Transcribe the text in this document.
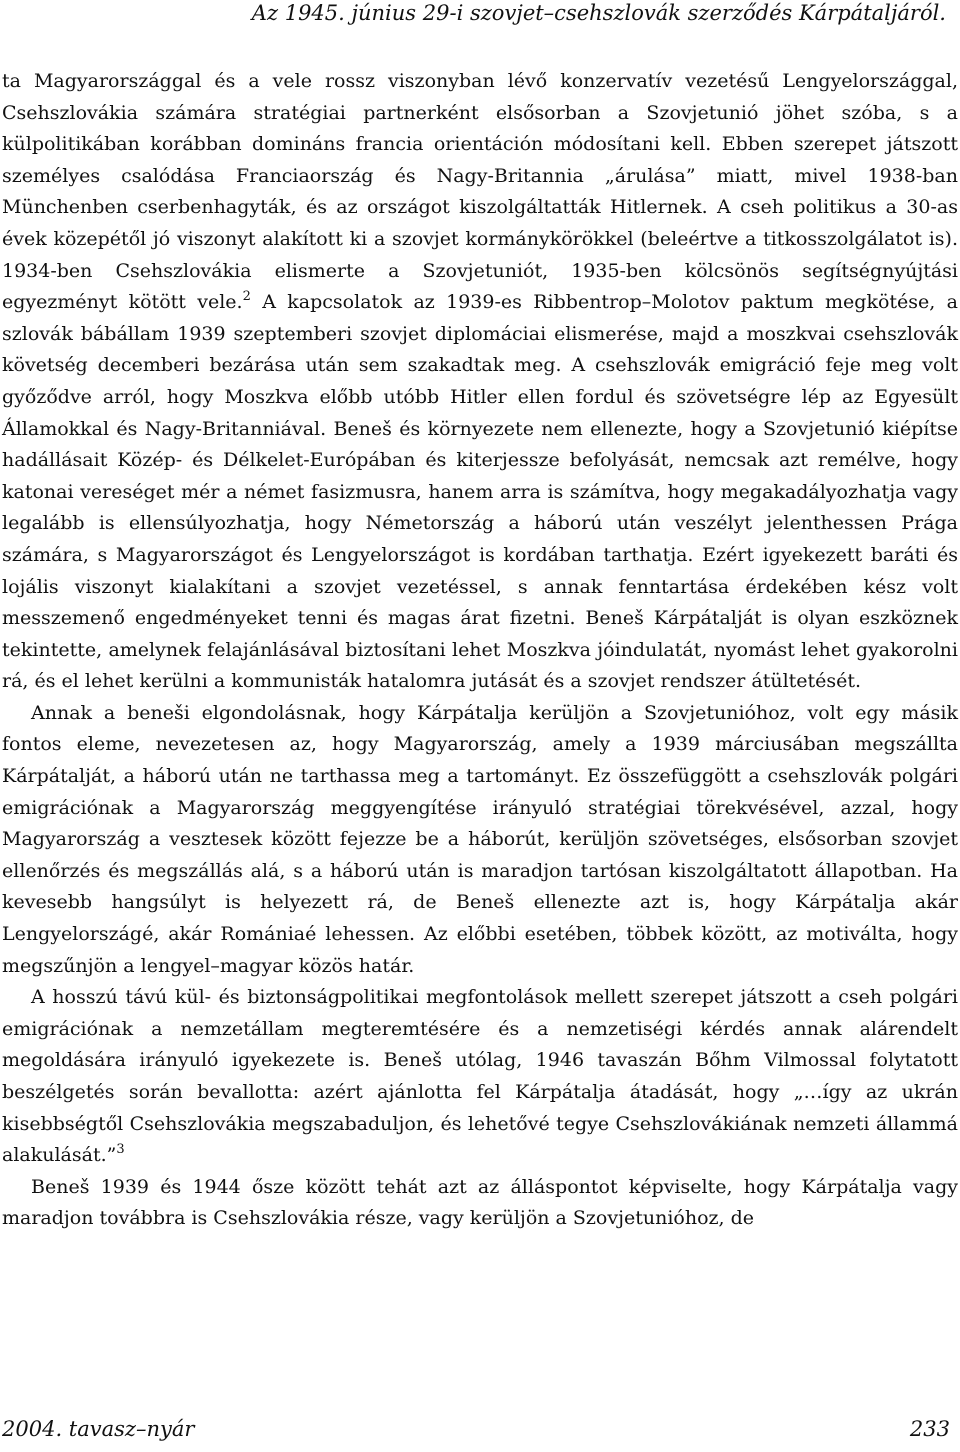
Az 1945. június 29-i szovjet–csehszlovák szerződés Kárpátaljáról.

ta Magyarországgal és a vele rossz viszonyban lévő konzervatív vezetésű Lengyelországgal, Csehszlovákia számára stratégiai partnerként elsősorban a Szovjetunió jöhet szóba, s a külpolitikában korábban domináns francia orientáción módosítani kell. Ebben szerepet játszott személyes csalódása Franciaország és Nagy-Britannia „árulása” miatt, mivel 1938-ban Münchenben cserbenhagyták, és az országot kiszolgáltatták Hitlernek. A cseh politikus a 30-as évek közepétől jó viszonyt alakított ki a szovjet kormánykörökkel (beleértve a titkosszolgálatot is). 1934-ben Csehszlovákia elismerte a Szovjetuniót, 1935-ben kölcsönös segítségnyújtási egyezményt kötött vele.$^2$ A kapcsolatok az 1939-es Ribbentrop–Molotov paktum megkötése, a szlovák bábállam 1939 szeptemberi szovjet diplomáciai elismerése, majd a moszkvai csehszlovák követség decemberi bezárása után sem szakadtak meg. A csehszlovák emigráció feje meg volt győződve arról, hogy Moszkva előbb utóbb Hitler ellen fordul és szövetségre lép az Egyesült Államokkal és Nagy-Britanniával. Beneš és környezete nem ellenezte, hogy a Szovjetunió kiépítse hadállásait Közép- és Délkelet-Európában és kiterjessze befolyását, nemcsak azt remélve, hogy katonai vereséget mér a német fasizmusra, hanem arra is számítva, hogy megakadályozhatja vagy legalább is ellensúlyozhatja, hogy Németország a háború után veszélyt jelenthessen Prága számára, s Magyarországot és Lengyelországot is kordában tarthatja. Ezért igyekezett baráti és lojális viszonyt kialakítani a szovjet vezetéssel, s annak fenntartása érdekében kész volt messzemenő engedményeket tenni és magas árat fizetni. Beneš Kárpátalját is olyan eszköznek tekintette, amelynek felajánlásával biztosítani lehet Moszkva jóindulatát, nyomást lehet gyakorolni rá, és el lehet kerülni a kommunisták hatalomra jutását és a szovjet rendszer átültetését.

Annak a beneši elgondolásnak, hogy Kárpátalja kerüljön a Szovjetunióhoz, volt egy másik fontos eleme, nevezetesen az, hogy Magyarország, amely a 1939 márciusában megszállta Kárpátalját, a háború után ne tarthassa meg a tartományt. Ez összefüggött a csehszlovák polgári emigrációnak a Magyarország meggyengítése irányuló stratégiai törekvésével, azzal, hogy Magyarország a vesztesek között fejezze be a háborút, kerüljön szövetséges, elsősorban szovjet ellenőrzés és megszállás alá, s a háború után is maradjon tartósan kiszolgáltatott állapotban. Ha kevesebb hangsúlyt is helyezett rá, de Beneš ellenezte azt is, hogy Kárpátalja akár Lengyelországé, akár Romániaé lehessen. Az előbbi esetében, többek között, az motiválta, hogy megszűnjön a lengyel–magyar közös határ.

A hosszú távú kül- és biztonságpolitikai megfontolások mellett szerepet játszott a cseh polgári emigrációnak a nemzetállam megteremtésére és a nemzetiségi kérdés annak alárendelt megoldására irányuló igyekezete is. Beneš utólag, 1946 tavaszán Bőhm Vilmossal folytatott beszélgetés során bevallotta: azért ajánlotta fel Kárpátalja átadását, hogy „…így az ukrán kisebbségtől Csehszlovákia megszabaduljon, és lehetővé tegye Csehszlovákiának nemzeti állammá alakulását.”$^3$

Beneš 1939 és 1944 ősze között tehát azt az álláspontot képviselte, hogy Kárpátalja vagy maradjon továbbra is Csehszlovákia része, vagy kerüljön a Szovjetunióhoz, de

2004. tavasz–nyár	233
